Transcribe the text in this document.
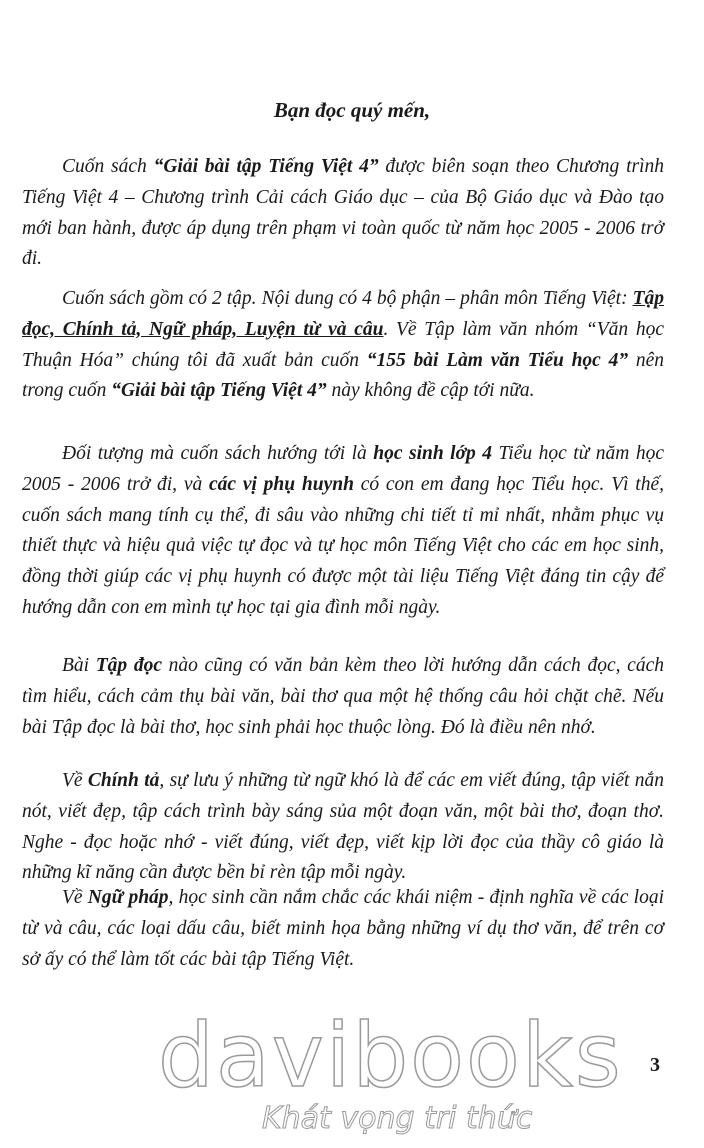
Bạn đọc quý mến,
Cuốn sách “Giải bài tập Tiếng Việt 4” được biên soạn theo Chương trình Tiếng Việt 4 – Chương trình Cải cách Giáo dục – của Bộ Giáo dục và Đào tạo mới ban hành, được áp dụng trên phạm vi toàn quốc từ năm học 2005 - 2006 trở đi.
Cuốn sách gồm có 2 tập. Nội dung có 4 bộ phận – phân môn Tiếng Việt: Tập đọc, Chính tả, Ngữ pháp, Luyện từ và câu. Về Tập làm văn nhóm “Văn học Thuận Hóa” chúng tôi đã xuất bản cuốn “155 bài Làm văn Tiểu học 4” nên trong cuốn “Giải bài tập Tiếng Việt 4” này không đề cập tới nữa.
Đối tượng mà cuốn sách hướng tới là học sinh lớp 4 Tiểu học từ năm học 2005 - 2006 trở đi, và các vị phụ huynh có con em đang học Tiểu học. Vì thế, cuốn sách mang tính cụ thể, đi sâu vào những chi tiết tỉ mỉ nhất, nhằm phục vụ thiết thực và hiệu quả việc tự đọc và tự học môn Tiếng Việt cho các em học sinh, đồng thời giúp các vị phụ huynh có được một tài liệu Tiếng Việt đáng tin cậy để hướng dẫn con em mình tự học tại gia đình mỗi ngày.
Bài Tập đọc nào cũng có văn bản kèm theo lời hướng dẫn cách đọc, cách tìm hiểu, cách cảm thụ bài văn, bài thơ qua một hệ thống câu hỏi chặt chẽ. Nếu bài Tập đọc là bài thơ, học sinh phải học thuộc lòng. Đó là điều nên nhớ.
Về Chính tả, sự lưu ý những từ ngữ khó là để các em viết đúng, tập viết nắn nót, viết đẹp, tập cách trình bày sáng sủa một đoạn văn, một bài thơ, đoạn thơ. Nghe - đọc hoặc nhớ - viết đúng, viết đẹp, viết kịp lời đọc của thầy cô giáo là những kĩ năng cần được bền bỉ rèn tập mỗi ngày.
Về Ngữ pháp, học sinh cần nắm chắc các khái niệm - định nghĩa về các loại từ và câu, các loại dấu câu, biết minh họa bằng những ví dụ thơ văn, để trên cơ sở ấy có thể làm tốt các bài tập Tiếng Việt.
davibooks
Khát vọng tri thức
3
